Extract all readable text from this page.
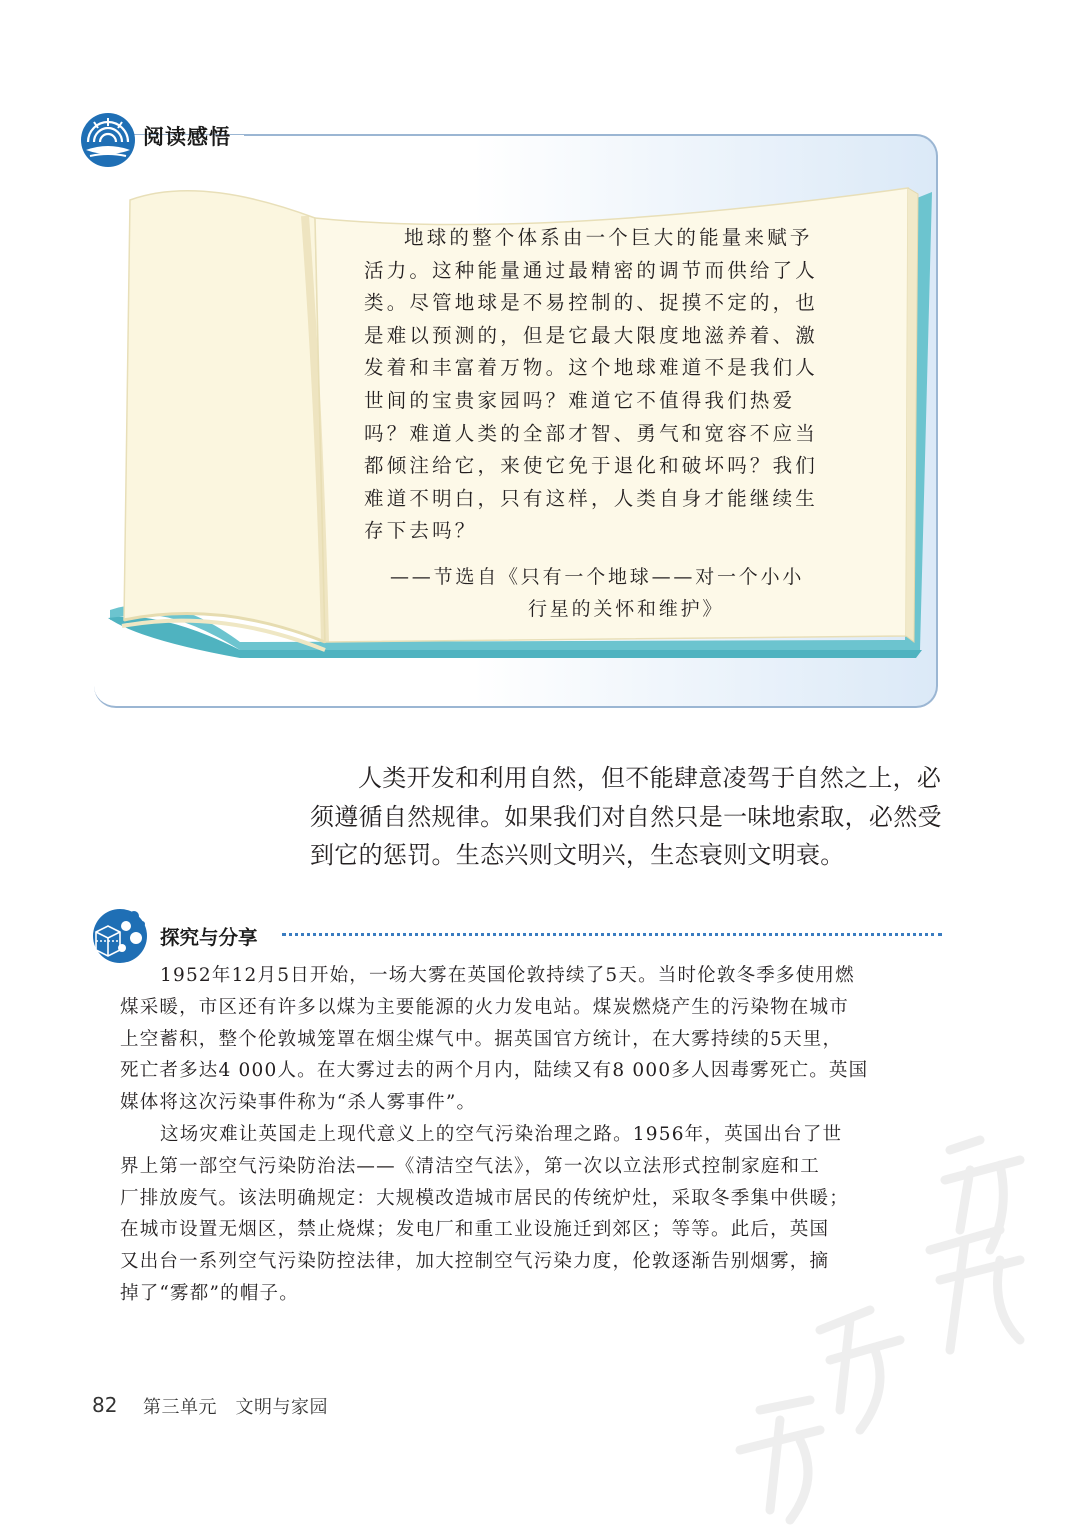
阅读感悟
地球的整个体系由一个巨大的能量来赋予
活力。这种能量通过最精密的调节而供给了人
类。尽管地球是不易控制的、捉摸不定的，也
是难以预测的，但是它最大限度地滋养着、激
发着和丰富着万物。这个地球难道不是我们人
世间的宝贵家园吗？难道它不值得我们热爱
吗？难道人类的全部才智、勇气和宽容不应当
都倾注给它，来使它免于退化和破坏吗？我们
难道不明白，只有这样，人类自身才能继续生
存下去吗？
——节选自《只有一个地球——对一个小小
行星的关怀和维护》
人类开发和利用自然，但不能肆意凌驾于自然之上，必
须遵循自然规律。如果我们对自然只是一味地索取，必然受
到它的惩罚。生态兴则文明兴，生态衰则文明衰。
探究与分享
1952年12月5日开始，一场大雾在英国伦敦持续了5天。当时伦敦冬季多使用燃
煤采暖，市区还有许多以煤为主要能源的火力发电站。煤炭燃烧产生的污染物在城市
上空蓄积，整个伦敦城笼罩在烟尘煤气中。据英国官方统计，在大雾持续的5天里，
死亡者多达4 000人。在大雾过去的两个月内，陆续又有8 000多人因毒雾死亡。英国
媒体将这次污染事件称为“杀人雾事件”。
这场灾难让英国走上现代意义上的空气污染治理之路。1956年，英国出台了世
界上第一部空气污染防治法——《清洁空气法》，第一次以立法形式控制家庭和工
厂排放废气。该法明确规定：大规模改造城市居民的传统炉灶，采取冬季集中供暖；
在城市设置无烟区，禁止烧煤；发电厂和重工业设施迁到郊区；等等。此后，英国
又出台一系列空气污染防控法律，加大控制空气污染力度，伦敦逐渐告别烟雾，摘
掉了“雾都”的帽子。
82 第三单元　文明与家园
